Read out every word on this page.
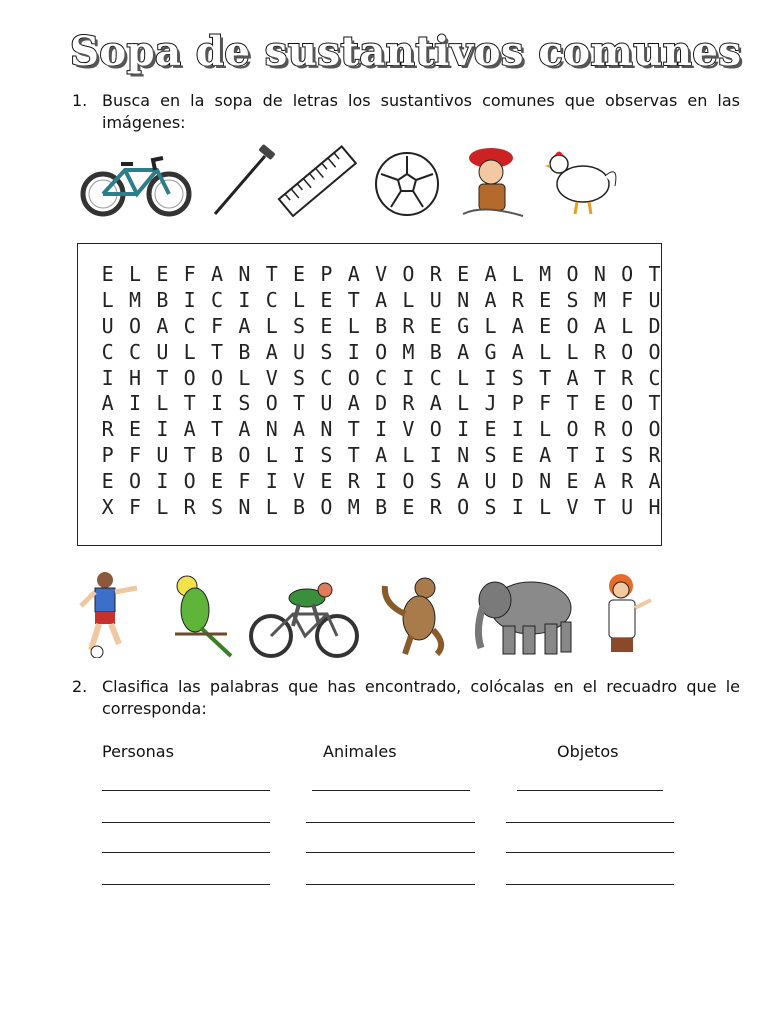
Sopa de sustantivos comunes
1. Busca en la sopa de letras los sustantivos comunes que observas en las imágenes:
E L E F A N T E P A V O R E A L M O N O T
L M B I C I C L E T A L U N A R E S M F U
U O A C F A L S E L B R E G L A E O A L D
C C U L T B A U S I O M B A G A L L R O O
I H T O O L V S C O C I C L I S T A T R C
A I L T I S O T U A D R A L J P F T E O T
R E I A T A N A N T I V O I E I L O R O O
P F U T B O L I S T A L I N S E A T I S R
E O I O E F I V E R I O S A U D N E A R A
X F L R S N L B O M B E R O S I L V T U H
2. Clasifica las palabras que has encontrado, colócalas en el recuadro que le corresponda:
Personas	Animales	Objetos
